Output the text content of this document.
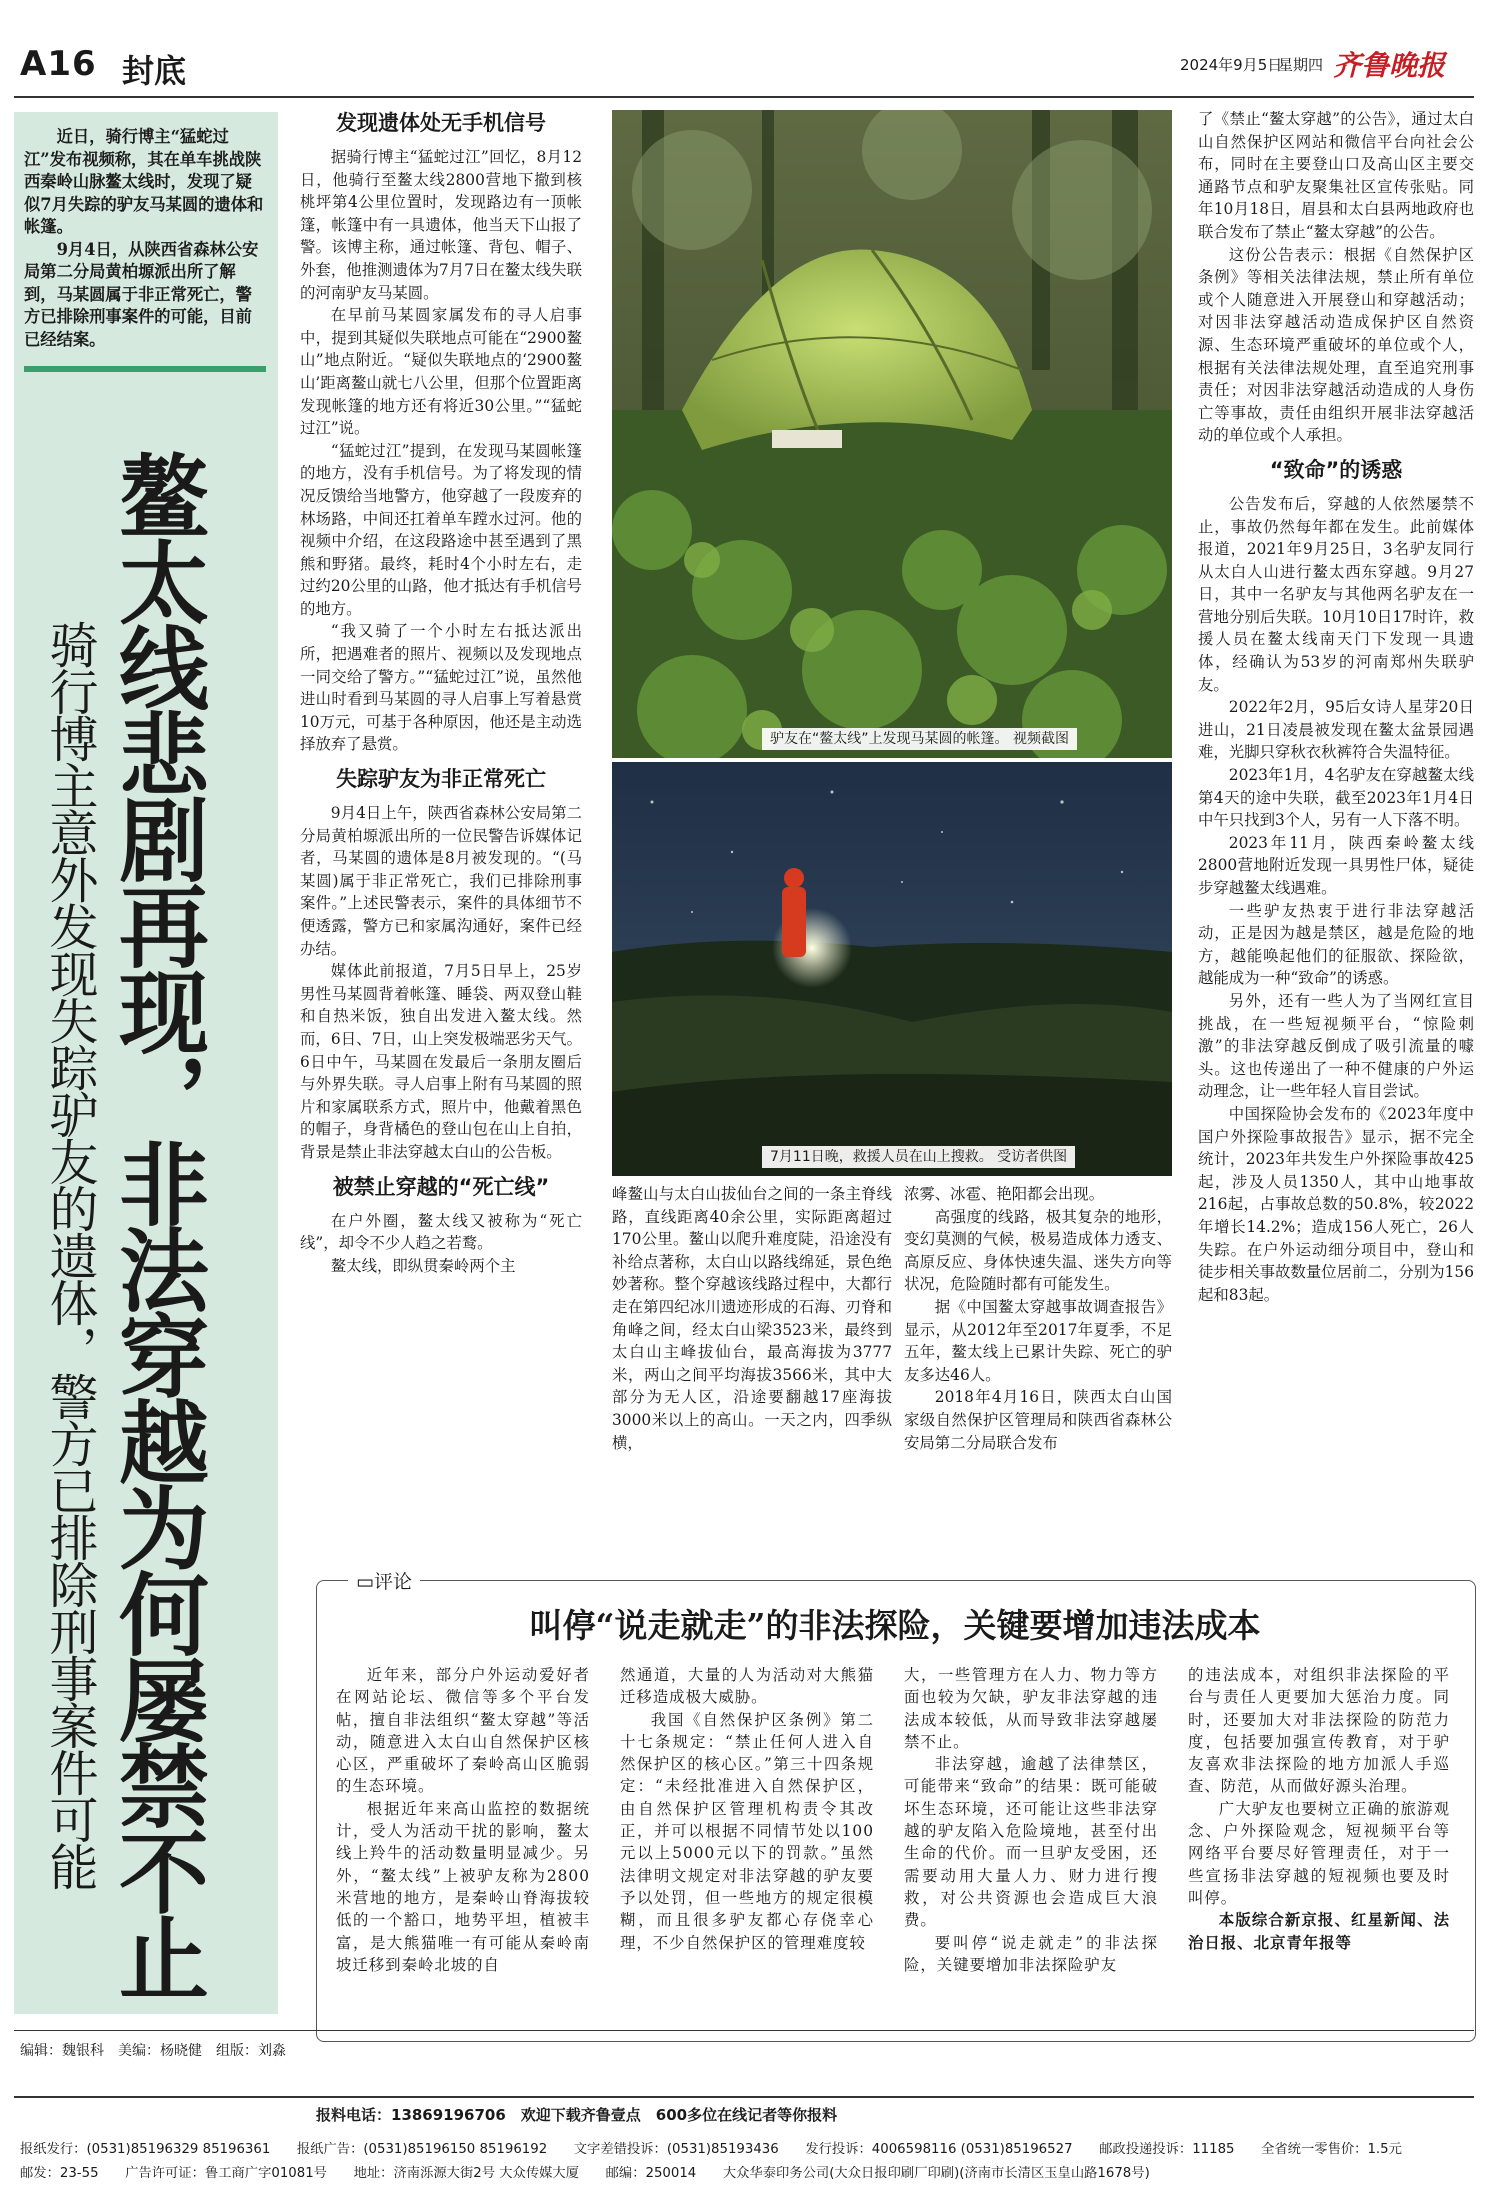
A16 封底	2024年9月5日
星期四 齐鲁晚报
近日，骑行博主“猛蛇过江”发布视频称，其在单车挑战陕西秦岭山脉鳌太线时，发现了疑似7月失踪的驴友马某圆的遗体和帐篷。
9月4日，从陕西省森林公安局第二分局黄柏塬派出所了解到，马某圆属于非正常死亡，警方已排除刑事案件的可能，目前已经结案。
鳌太线悲剧再现，非法穿越为何屡禁不止
骑行博主意外发现失踪驴友的遗体，警方已排除刑事案件可能
发现遗体处无手机信号
据骑行博主“猛蛇过江”回忆，8月12日，他骑行至鳌太线2800营地下撤到核桃坪第4公里位置时，发现路边有一顶帐篷，帐篷中有一具遗体，他当天下山报了警。该博主称，通过帐篷、背包、帽子、外套，他推测遗体为7月7日在鳌太线失联的河南驴友马某圆。
在早前马某圆家属发布的寻人启事中，提到其疑似失联地点可能在“2900鳌山”地点附近。“疑似失联地点的‘2900鳌山’距离鳌山就七八公里，但那个位置距离发现帐篷的地方还有将近30公里。”“猛蛇过江”说。
“猛蛇过江”提到，在发现马某圆帐篷的地方，没有手机信号。为了将发现的情况反馈给当地警方，他穿越了一段废弃的林场路，中间还扛着单车蹚水过河。他的视频中介绍，在这段路途中甚至遇到了黑熊和野猪。最终，耗时4个小时左右，走过约20公里的山路，他才抵达有手机信号的地方。
“我又骑了一个小时左右抵达派出所，把遇难者的照片、视频以及发现地点一同交给了警方。”“猛蛇过江”说，虽然他进山时看到马某圆的寻人启事上写着悬赏10万元，可基于各种原因，他还是主动选择放弃了悬赏。
失踪驴友为非正常死亡
9月4日上午，陕西省森林公安局第二分局黄柏塬派出所的一位民警告诉媒体记者，马某圆的遗体是8月被发现的。“(马某圆)属于非正常死亡，我们已排除刑事案件。”上述民警表示，案件的具体细节不便透露，警方已和家属沟通好，案件已经办结。
媒体此前报道，7月5日早上，25岁男性马某圆背着帐篷、睡袋、两双登山鞋和自热米饭，独自出发进入鳌太线。然而，6日、7日，山上突发极端恶劣天气。6日中午，马某圆在发最后一条朋友圈后与外界失联。寻人启事上附有马某圆的照片和家属联系方式，照片中，他戴着黑色的帽子，身背橘色的登山包在山上自拍，背景是禁止非法穿越太白山的公告板。
被禁止穿越的“死亡线”
在户外圈，鳌太线又被称为“死亡线”，却令不少人趋之若鹜。
鳌太线，即纵贯秦岭两个主
驴友在“鳌太线”上发现马某圆的帐篷。 视频截图
7月11日晚，救援人员在山上搜救。 受访者供图
峰鳌山与太白山拔仙台之间的一条主脊线路，直线距离40余公里，实际距离超过170公里。鳌山以爬升难度陡，沿途没有补给点著称，太白山以路线绵延，景色绝妙著称。整个穿越该线路过程中，大都行走在第四纪冰川遗迹形成的石海、刃脊和角峰之间，经太白山梁3523米，最终到太白山主峰拔仙台，最高海拔为3777米，两山之间平均海拔3566米，其中大部分为无人区，沿途要翻越17座海拔3000米以上的高山。一天之内，四季纵横，
浓雾、冰雹、艳阳都会出现。
高强度的线路，极其复杂的地形，变幻莫测的气候，极易造成体力透支、高原反应、身体快速失温、迷失方向等状况，危险随时都有可能发生。
据《中国鳌太穿越事故调查报告》显示，从2012年至2017年夏季，不足五年，鳌太线上已累计失踪、死亡的驴友多达46人。
2018年4月16日，陕西太白山国家级自然保护区管理局和陕西省森林公安局第二分局联合发布
了《禁止“鳌太穿越”的公告》，通过太白山自然保护区网站和微信平台向社会公布，同时在主要登山口及高山区主要交通路节点和驴友聚集社区宣传张贴。同年10月18日，眉县和太白县两地政府也联合发布了禁止“鳌太穿越”的公告。
这份公告表示：根据《自然保护区条例》等相关法律法规，禁止所有单位或个人随意进入开展登山和穿越活动；对因非法穿越活动造成保护区自然资源、生态环境严重破坏的单位或个人，根据有关法律法规处理，直至追究刑事责任；对因非法穿越活动造成的人身伤亡等事故，责任由组织开展非法穿越活动的单位或个人承担。
“致命”的诱惑
公告发布后，穿越的人依然屡禁不止，事故仍然每年都在发生。此前媒体报道，2021年9月25日，3名驴友同行从太白人山进行鳌太西东穿越。9月27日，其中一名驴友与其他两名驴友在一营地分别后失联。10月10日17时许，救援人员在鳌太线南天门下发现一具遗体，经确认为53岁的河南郑州失联驴友。
2022年2月，95后女诗人星芽20日进山，21日凌晨被发现在鳌太盆景园遇难，光脚只穿秋衣秋裤符合失温特征。
2023年1月，4名驴友在穿越鳌太线第4天的途中失联，截至2023年1月4日中午只找到3个人，另有一人下落不明。
2023年11月，陕西秦岭鳌太线2800营地附近发现一具男性尸体，疑徒步穿越鳌太线遇难。
一些驴友热衷于进行非法穿越活动，正是因为越是禁区，越是危险的地方，越能唤起他们的征服欲、探险欲，越能成为一种“致命”的诱惑。
另外，还有一些人为了当网红宣目挑战，在一些短视频平台，“惊险刺激”的非法穿越反倒成了吸引流量的噱头。这也传递出了一种不健康的户外运动理念，让一些年轻人盲目尝试。
中国探险协会发布的《2023年度中国户外探险事故报告》显示，据不完全统计，2023年共发生户外探险事故425起，涉及人员1350人，其中山地事故216起，占事故总数的50.8%，较2022年增长14.2%；造成156人死亡，26人失踪。在户外运动细分项目中，登山和徒步相关事故数量位居前二，分别为156起和83起。
▭评论
叫停“说走就走”的非法探险，关键要增加违法成本
近年来，部分户外运动爱好者在网站论坛、微信等多个平台发帖，擅自非法组织“鳌太穿越”等活动，随意进入太白山自然保护区核心区，严重破坏了秦岭高山区脆弱的生态环境。
根据近年来高山监控的数据统计，受人为活动干扰的影响，鳌太线上羚牛的活动数量明显减少。另外，“鳌太线”上被驴友称为2800米营地的地方，是秦岭山脊海拔较低的一个豁口，地势平坦，植被丰富，是大熊猫唯一有可能从秦岭南坡迁移到秦岭北坡的自
然通道，大量的人为活动对大熊猫迁移造成极大威胁。
我国《自然保护区条例》第二十七条规定：“禁止任何人进入自然保护区的核心区。”第三十四条规定：“未经批准进入自然保护区，由自然保护区管理机构责令其改正，并可以根据不同情节处以100元以上5000元以下的罚款。”虽然法律明文规定对非法穿越的驴友要予以处罚，但一些地方的规定很模糊，而且很多驴友都心存侥幸心理，不少自然保护区的管理难度较
大，一些管理方在人力、物力等方面也较为欠缺，驴友非法穿越的违法成本较低，从而导致非法穿越屡禁不止。
非法穿越，逾越了法律禁区，可能带来“致命”的结果：既可能破坏生态环境，还可能让这些非法穿越的驴友陷入危险境地，甚至付出生命的代价。而一旦驴友受困，还需要动用大量人力、财力进行搜救，对公共资源也会造成巨大浪费。
要叫停“说走就走”的非法探险，关键要增加非法探险驴友
的违法成本，对组织非法探险的平台与责任人更要加大惩治力度。同时，还要加大对非法探险的防范力度，包括要加强宣传教育，对于驴友喜欢非法探险的地方加派人手巡查、防范，从而做好源头治理。
广大驴友也要树立正确的旅游观念、户外探险观念，短视频平台等网络平台要尽好管理责任，对于一些宣扬非法穿越的短视频也要及时叫停。
本版综合新京报、红星新闻、法治日报、北京青年报等
编辑：魏银科　美编：杨晓健　组版：刘淼
报料电话：13869196706　欢迎下载齐鲁壹点　600多位在线记者等你报料
报纸发行：(0531)85196329 85196361　　报纸广告：(0531)85196150 85196192　　文字差错投诉：(0531)85193436　　发行投诉：4006598116 (0531)85196527　　邮政投递投诉：11185　　全省统一零售价：1.5元
邮发：23-55　　广告许可证：鲁工商广字01081号　　地址：济南泺源大街2号 大众传媒大厦　　邮编：250014　　大众华泰印务公司(大众日报印刷厂印刷)(济南市长清区玉皇山路1678号)
